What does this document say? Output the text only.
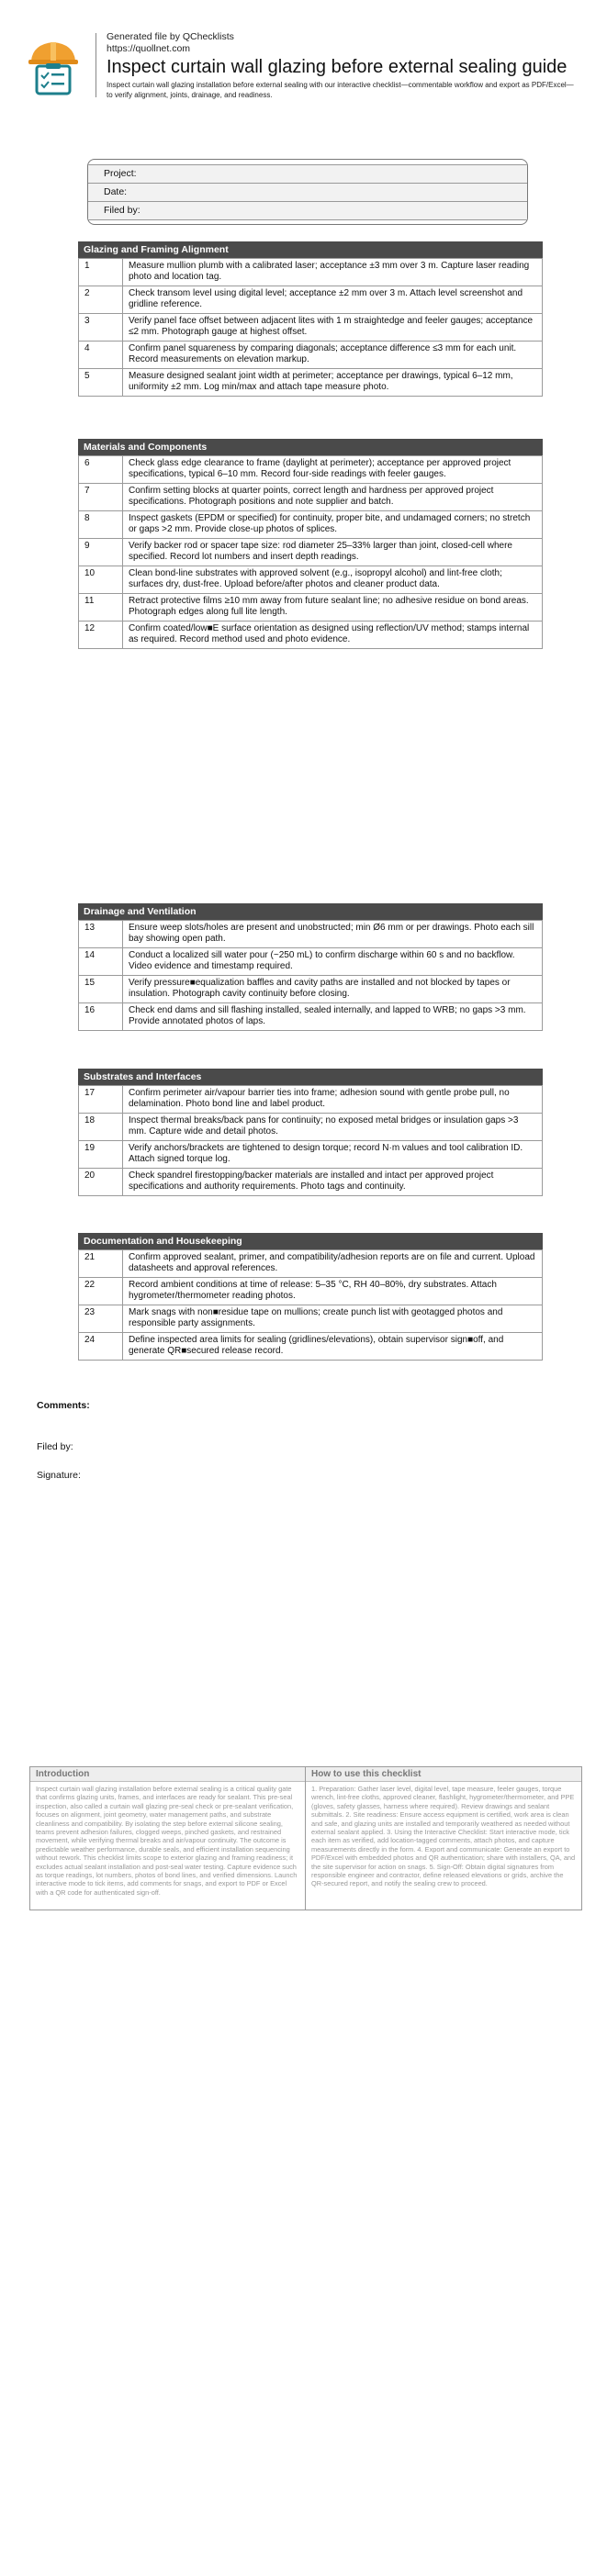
Generated file by QChecklists
https://quollnet.com
Inspect curtain wall glazing before external sealing guide
Inspect curtain wall glazing installation before external sealing with our interactive checklist—commentable workflow and export as PDF/Excel—to verify alignment, joints, drainage, and readiness.
Project:
Date:
Filed by:
Glazing and Framing Alignment
1	Measure mullion plumb with a calibrated laser; acceptance ±3 mm over 3 m. Capture laser reading photo and location tag.
2	Check transom level using digital level; acceptance ±2 mm over 3 m. Attach level screenshot and gridline reference.
3	Verify panel face offset between adjacent lites with 1 m straightedge and feeler gauges; acceptance ≤2 mm. Photograph gauge at highest offset.
4	Confirm panel squareness by comparing diagonals; acceptance difference ≤3 mm for each unit. Record measurements on elevation markup.
5	Measure designed sealant joint width at perimeter; acceptance per drawings, typical 6–12 mm, uniformity ±2 mm. Log min/max and attach tape measure photo.
Materials and Components
6	Check glass edge clearance to frame (daylight at perimeter); acceptance per approved project specifications, typical 6–10 mm. Record four-side readings with feeler gauges.
7	Confirm setting blocks at quarter points, correct length and hardness per approved project specifications. Photograph positions and note supplier and batch.
8	Inspect gaskets (EPDM or specified) for continuity, proper bite, and undamaged corners; no stretch or gaps >2 mm. Provide close-up photos of splices.
9	Verify backer rod or spacer tape size: rod diameter 25–33% larger than joint, closed-cell where specified. Record lot numbers and insert depth readings.
10	Clean bond-line substrates with approved solvent (e.g., isopropyl alcohol) and lint-free cloth; surfaces dry, dust-free. Upload before/after photos and cleaner product data.
11	Retract protective films ≥10 mm away from future sealant line; no adhesive residue on bond areas. Photograph edges along full lite length.
12	Confirm coated/low■E surface orientation as designed using reflection/UV method; stamps internal as required. Record method used and photo evidence.
Drainage and Ventilation
13	Ensure weep slots/holes are present and unobstructed; min Ø6 mm or per drawings. Photo each sill bay showing open path.
14	Conduct a localized sill water pour (~250 mL) to confirm discharge within 60 s and no backflow. Video evidence and timestamp required.
15	Verify pressure■equalization baffles and cavity paths are installed and not blocked by tapes or insulation. Photograph cavity continuity before closing.
16	Check end dams and sill flashing installed, sealed internally, and lapped to WRB; no gaps >3 mm. Provide annotated photos of laps.
Substrates and Interfaces
17	Confirm perimeter air/vapour barrier ties into frame; adhesion sound with gentle probe pull, no delamination. Photo bond line and label product.
18	Inspect thermal breaks/back pans for continuity; no exposed metal bridges or insulation gaps >3 mm. Capture wide and detail photos.
19	Verify anchors/brackets are tightened to design torque; record N·m values and tool calibration ID. Attach signed torque log.
20	Check spandrel firestopping/backer materials are installed and intact per approved project specifications and authority requirements. Photo tags and continuity.
Documentation and Housekeeping
21	Confirm approved sealant, primer, and compatibility/adhesion reports are on file and current. Upload datasheets and approval references.
22	Record ambient conditions at time of release: 5–35 °C, RH 40–80%, dry substrates. Attach hygrometer/thermometer reading photos.
23	Mark snags with non■residue tape on mullions; create punch list with geotagged photos and responsible party assignments.
24	Define inspected area limits for sealing (gridlines/elevations), obtain supervisor sign■off, and generate QR■secured release record.
Comments:
Filed by:
Signature:
Introduction
Inspect curtain wall glazing installation before external sealing is a critical quality gate that confirms glazing units, frames, and interfaces are ready for sealant. This pre-seal inspection, also called a curtain wall glazing pre-seal check or pre-sealant verification, focuses on alignment, joint geometry, water management paths, and substrate cleanliness and compatibility. By isolating the step before external silicone sealing, teams prevent adhesion failures, clogged weeps, pinched gaskets, and restrained movement, while verifying thermal breaks and air/vapour continuity. The outcome is predictable weather performance, durable seals, and efficient installation sequencing without rework. This checklist limits scope to exterior glazing and framing readiness; it excludes actual sealant installation and post-seal water testing. Capture evidence such as torque readings, lot numbers, photos of bond lines, and verified dimensions. Launch interactive mode to tick items, add comments for snags, and export to PDF or Excel with a QR code for authenticated sign-off.
How to use this checklist
1. Preparation: Gather laser level, digital level, tape measure, feeler gauges, torque wrench, lint-free cloths, approved cleaner, flashlight, hygrometer/thermometer, and PPE (gloves, safety glasses, harness where required). Review drawings and sealant submittals. 2. Site readiness: Ensure access equipment is certified, work area is clean and safe, and glazing units are installed and temporarily weathered as needed without external sealant applied. 3. Using the Interactive Checklist: Start interactive mode, tick each item as verified, add location-tagged comments, attach photos, and capture measurements directly in the form. 4. Export and communicate: Generate an export to PDF/Excel with embedded photos and QR authentication; share with installers, QA, and the site supervisor for action on snags. 5. Sign-Off: Obtain digital signatures from responsible engineer and contractor, define released elevations or grids, archive the QR-secured report, and notify the sealing crew to proceed.
